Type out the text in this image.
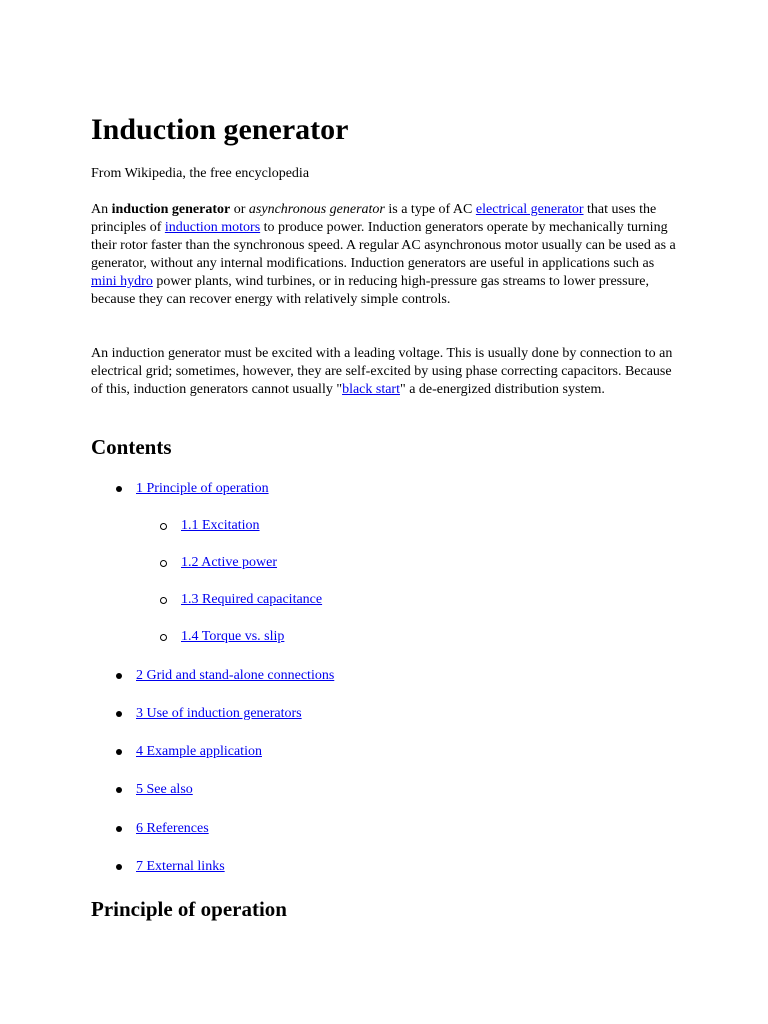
Induction generator

From Wikipedia, the free encyclopedia

An induction generator or asynchronous generator is a type of AC electrical generator that uses the principles of induction motors to produce power. Induction generators operate by mechanically turning their rotor faster than the synchronous speed. A regular AC asynchronous motor usually can be used as a generator, without any internal modifications. Induction generators are useful in applications such as mini hydro power plants, wind turbines, or in reducing high-pressure gas streams to lower pressure, because they can recover energy with relatively simple controls.

An induction generator must be excited with a leading voltage. This is usually done by connection to an electrical grid; sometimes, however, they are self-excited by using phase correcting capacitors. Because of this, induction generators cannot usually "black start" a de-energized distribution system.

Contents
1 Principle of operation
1.1 Excitation
1.2 Active power
1.3 Required capacitance
1.4 Torque vs. slip
2 Grid and stand-alone connections
3 Use of induction generators
4 Example application
5 See also
6 References
7 External links
Principle of operation
